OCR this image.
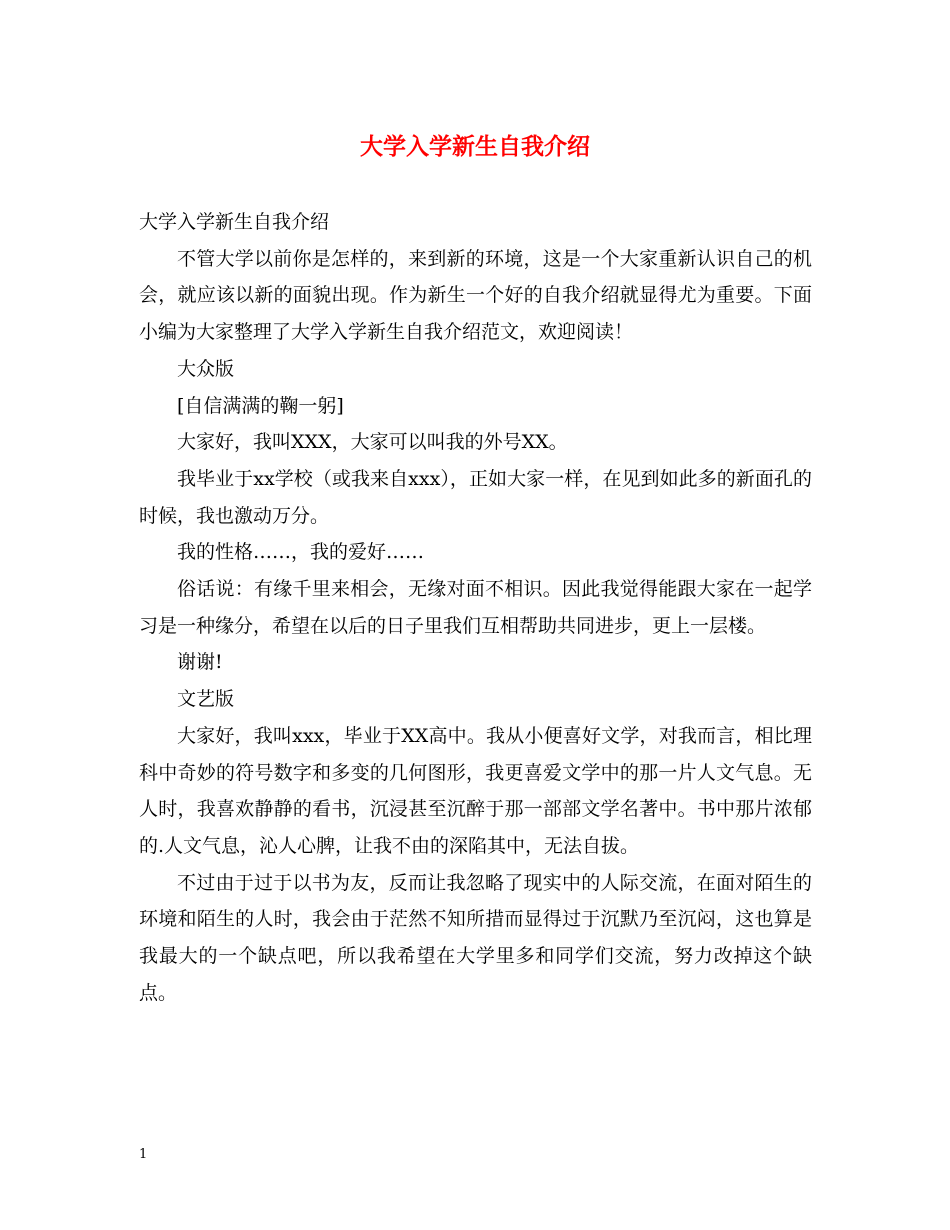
大学入学新生自我介绍

大学入学新生自我介绍

不管大学以前你是怎样的，来到新的环境，这是一个大家重新认识自己的机会，就应该以新的面貌出现。作为新生一个好的自我介绍就显得尤为重要。下面小编为大家整理了大学入学新生自我介绍范文，欢迎阅读！

大众版

[自信满满的鞠一躬]

大家好，我叫XXX，大家可以叫我的外号XX。

我毕业于xx学校（或我来自xxx），正如大家一样，在见到如此多的新面孔的时候，我也激动万分。

我的性格……，我的爱好……

俗话说：有缘千里来相会，无缘对面不相识。因此我觉得能跟大家在一起学习是一种缘分，希望在以后的日子里我们互相帮助共同进步，更上一层楼。

谢谢!

文艺版

大家好，我叫xxx，毕业于XX高中。我从小便喜好文学，对我而言，相比理科中奇妙的符号数字和多变的几何图形，我更喜爱文学中的那一片人文气息。无人时，我喜欢静静的看书，沉浸甚至沉醉于那一部部文学名著中。书中那片浓郁的.人文气息，沁人心脾，让我不由的深陷其中，无法自拔。

不过由于过于以书为友，反而让我忽略了现实中的人际交流，在面对陌生的环境和陌生的人时，我会由于茫然不知所措而显得过于沉默乃至沉闷，这也算是我最大的一个缺点吧，所以我希望在大学里多和同学们交流，努力改掉这个缺点。

1
